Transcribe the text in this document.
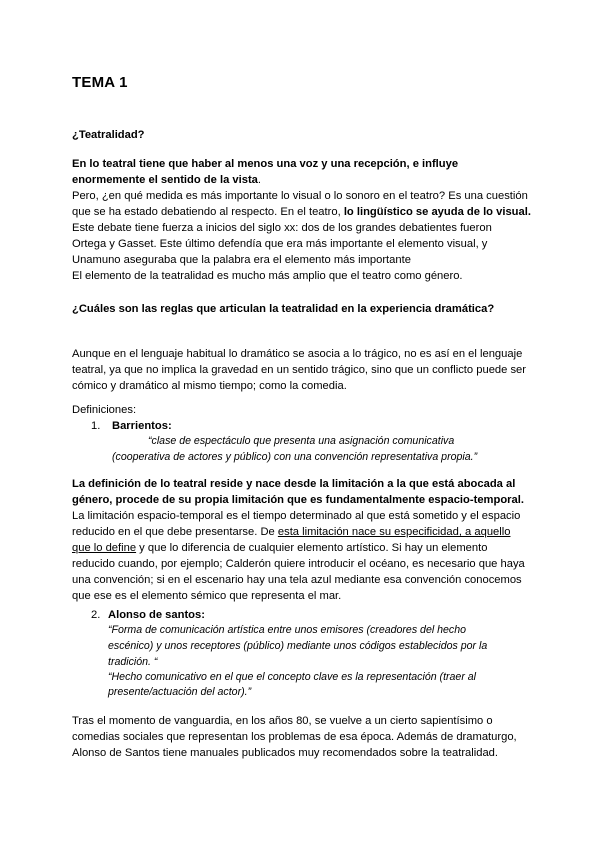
TEMA 1
¿Teatralidad?
En lo teatral tiene que haber al menos una voz y una recepción, e influye
enormemente el sentido de la vista.
Pero, ¿en qué medida es más importante lo visual o lo sonoro en el teatro? Es una cuestión
que se ha estado debatiendo al respecto. En el teatro, lo lingüístico se ayuda de lo visual.
Este debate tiene fuerza a inicios del siglo xx: dos de los grandes debatientes fueron
Ortega y Gasset. Este último defendía que era más importante el elemento visual, y
Unamuno aseguraba que la palabra era el elemento más importante
El elemento de la teatralidad es mucho más amplio que el teatro como género.
¿Cuáles son las reglas que articulan la teatralidad en la experiencia dramática?
Aunque en el lenguaje habitual lo dramático se asocia a lo trágico, no es así en el lenguaje
teatral, ya que no implica la gravedad en un sentido trágico, sino que un conflicto puede ser
cómico y dramático al mismo tiempo; como la comedia.
Definiciones:
1. Barrientos:
“clase de espectáculo que presenta una asignación comunicativa
(cooperativa de actores y público) con una convención representativa propia.”
La definición de lo teatral reside y nace desde la limitación a la que está abocada al
género, procede de su propia limitación que es fundamentalmente espacio-temporal.
La limitación espacio-temporal es el tiempo determinado al que está sometido y el espacio
reducido en el que debe presentarse. De esta limitación nace su especificidad, a aquello
que lo define y que lo diferencia de cualquier elemento artístico. Si hay un elemento
reducido cuando, por ejemplo; Calderón quiere introducir el océano, es necesario que haya
una convención; si en el escenario hay una tela azul mediante esa convención conocemos
que ese es el elemento sémico que representa el mar.
2. Alonso de santos:
“Forma de comunicación artística entre unos emisores (creadores del hecho
escénico) y unos receptores (público) mediante unos códigos establecidos por la
tradición. “
“Hecho comunicativo en el que el concepto clave es la representación (traer al
presente/actuación del actor).”
Tras el momento de vanguardia, en los años 80, se vuelve a un cierto sapientísimo o
comedias sociales que representan los problemas de esa época. Además de dramaturgo,
Alonso de Santos tiene manuales publicados muy recomendados sobre la teatralidad.
